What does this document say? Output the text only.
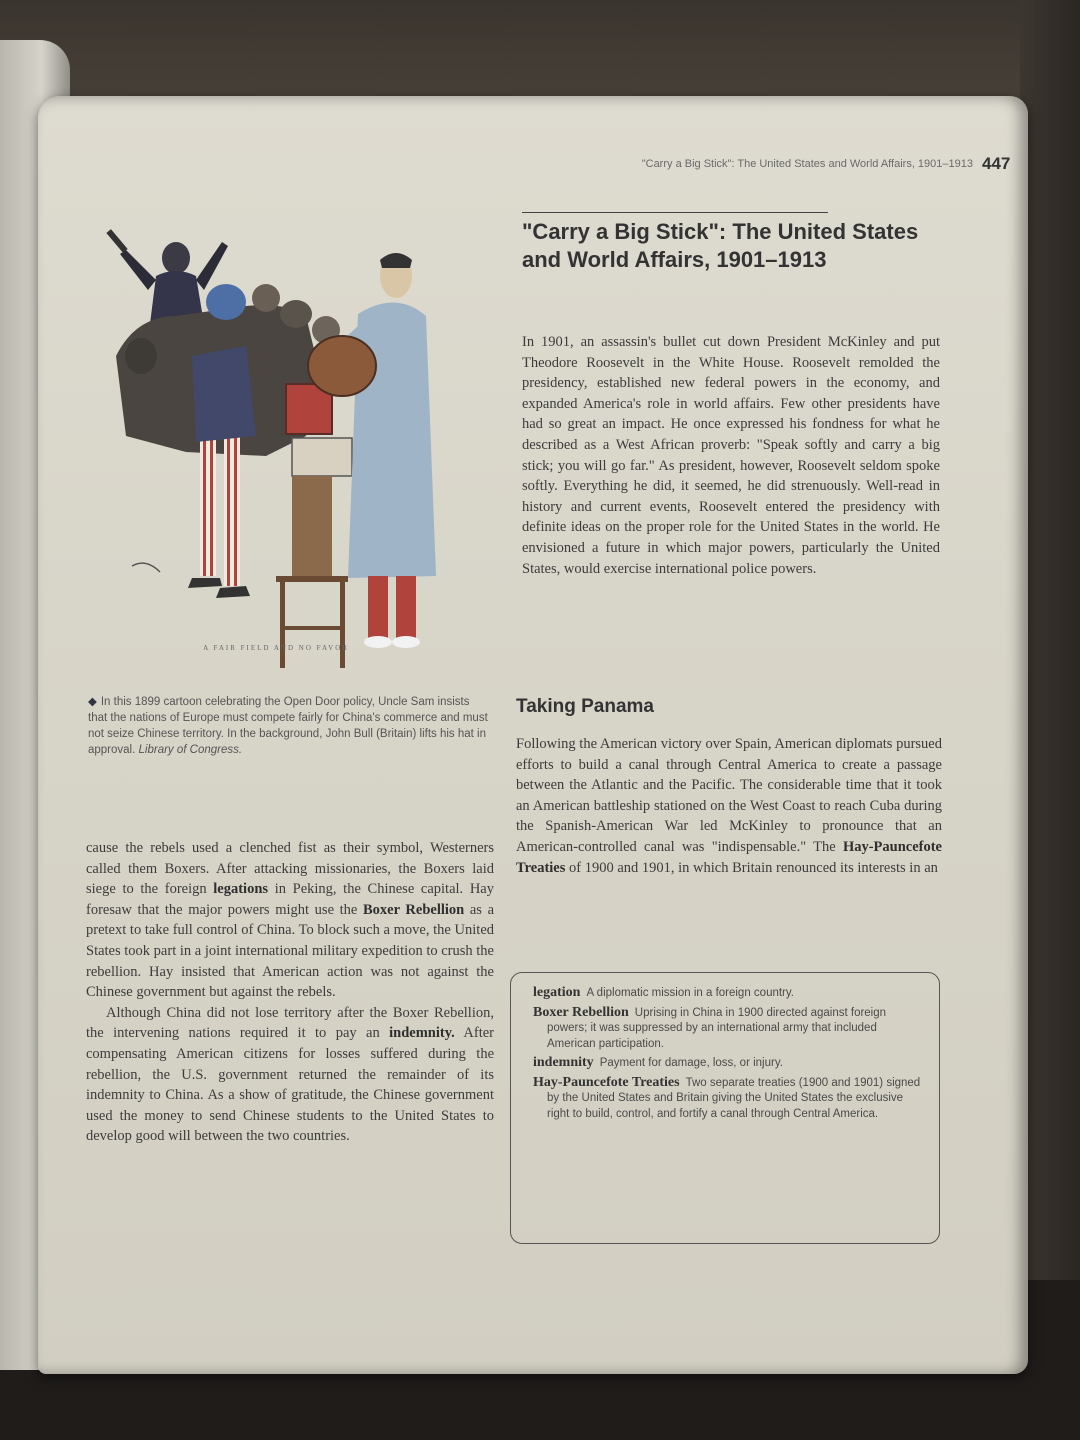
"Carry a Big Stick": The United States and World Affairs, 1901–1913 447
A FAIR FIELD AND NO FAVOR

◆ In this 1899 cartoon celebrating the Open Door policy, Uncle Sam insists that the nations of Europe must compete fairly for China's commerce and must not seize Chinese territory. In the background, John Bull (Britain) lifts his hat in approval. Library of Congress.

"Carry a Big Stick": The United States and World Affairs, 1901–1913

In 1901, an assassin's bullet cut down President McKinley and put Theodore Roosevelt in the White House. Roosevelt remolded the presidency, established new federal powers in the economy, and expanded America's role in world affairs. Few other presidents have had so great an impact. He once expressed his fondness for what he described as a West African proverb: "Speak softly and carry a big stick; you will go far." As president, however, Roosevelt seldom spoke softly. Everything he did, it seemed, he did strenuously. Well-read in history and current events, Roosevelt entered the presidency with definite ideas on the proper role for the United States in the world. He envisioned a future in which major powers, particularly the United States, would exercise international police powers.

Taking Panama

Following the American victory over Spain, American diplomats pursued efforts to build a canal through Central America to create a passage between the Atlantic and the Pacific. The considerable time that it took an American battleship stationed on the West Coast to reach Cuba during the Spanish-American War led McKinley to pronounce that an American-controlled canal was "indispensable." The Hay-Pauncefote Treaties of 1900 and 1901, in which Britain renounced its interests in an

cause the rebels used a clenched fist as their symbol, Westerners called them Boxers. After attacking missionaries, the Boxers laid siege to the foreign legations in Peking, the Chinese capital. Hay foresaw that the major powers might use the Boxer Rebellion as a pretext to take full control of China. To block such a move, the United States took part in a joint international military expedition to crush the rebellion. Hay insisted that American action was not against the Chinese government but against the rebels.

Although China did not lose territory after the Boxer Rebellion, the intervening nations required it to pay an indemnity. After compensating American citizens for losses suffered during the rebellion, the U.S. government returned the remainder of its indemnity to China. As a show of gratitude, the Chinese government used the money to send Chinese students to the United States to develop good will between the two countries.

legation A diplomatic mission in a foreign country.

Boxer Rebellion Uprising in China in 1900 directed against foreign powers; it was suppressed by an international army that included American participation.

indemnity Payment for damage, loss, or injury.

Hay-Pauncefote Treaties Two separate treaties (1900 and 1901) signed by the United States and Britain giving the United States the exclusive right to build, control, and fortify a canal through Central America.
